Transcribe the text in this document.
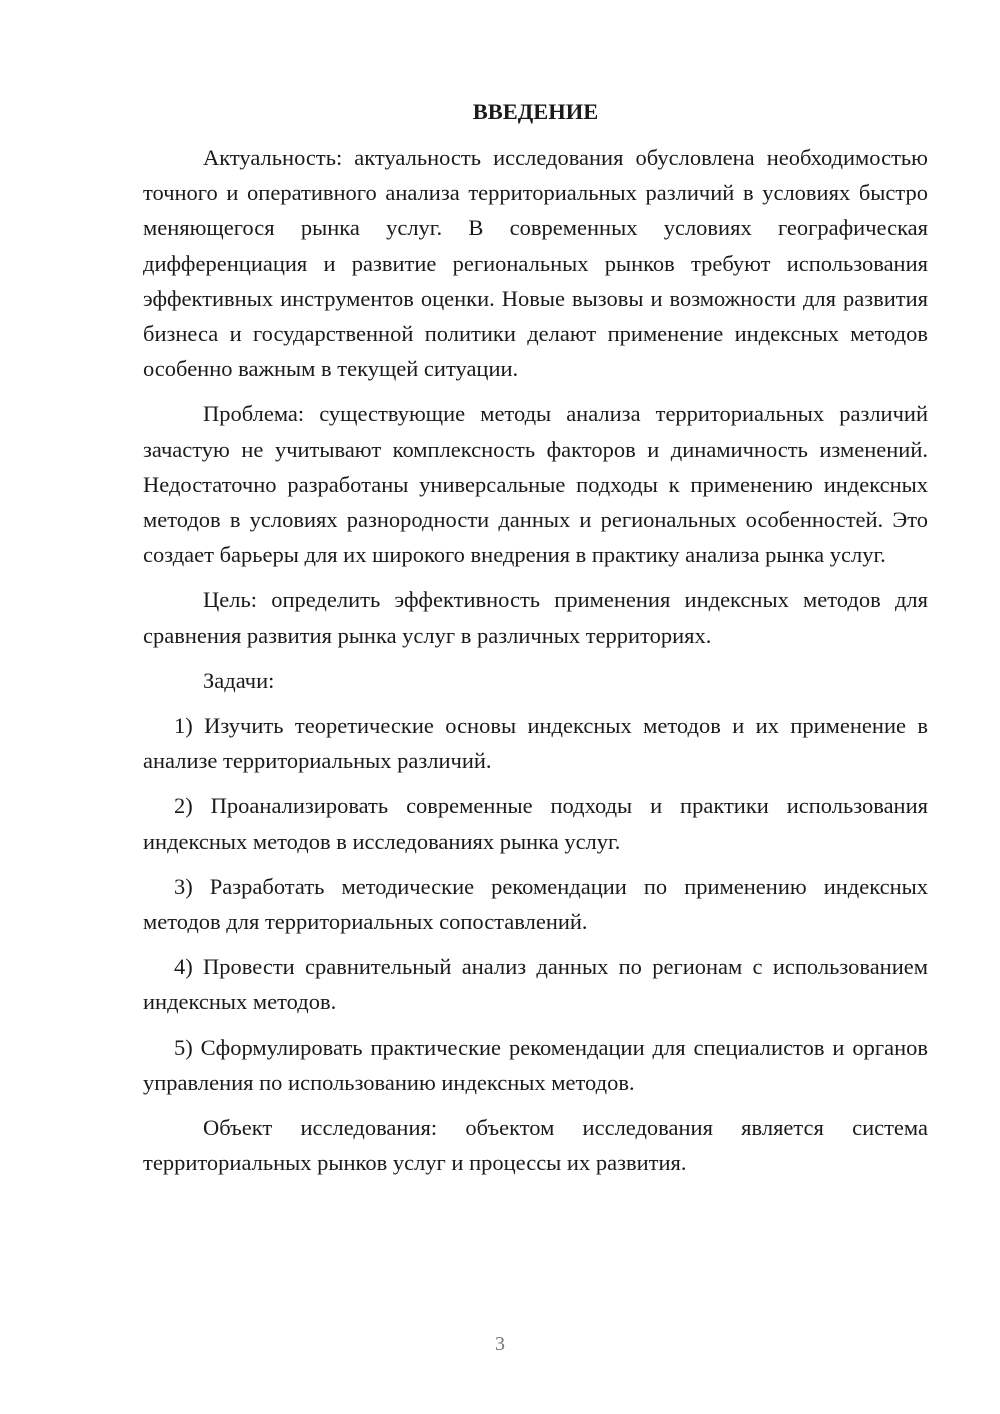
ВВЕДЕНИЕ

Актуальность: актуальность исследования обусловлена необходимостью точного и оперативного анализа территориальных различий в условиях быстро меняющегося рынка услуг. В современных условиях географическая дифференциация и развитие региональных рынков требуют использования эффективных инструментов оценки. Новые вызовы и возможности для развития бизнеса и государственной политики делают применение индексных методов особенно важным в текущей ситуации.

Проблема: существующие методы анализа территориальных различий зачастую не учитывают комплексность факторов и динамичность изменений. Недостаточно разработаны универсальные подходы к применению индексных методов в условиях разнородности данных и региональных особенностей. Это создает барьеры для их широкого внедрения в практику анализа рынка услуг.

Цель: определить эффективность применения индексных методов для сравнения развития рынка услуг в различных территориях.

Задачи:

1) Изучить теоретические основы индексных методов и их применение в анализе территориальных различий.

2) Проанализировать современные подходы и практики использования индексных методов в исследованиях рынка услуг.

3) Разработать методические рекомендации по применению индексных методов для территориальных сопоставлений.

4) Провести сравнительный анализ данных по регионам с использованием индексных методов.

5) Сформулировать практические рекомендации для специалистов и органов управления по использованию индексных методов.

Объект исследования: объектом исследования является система территориальных рынков услуг и процессы их развития.

3
